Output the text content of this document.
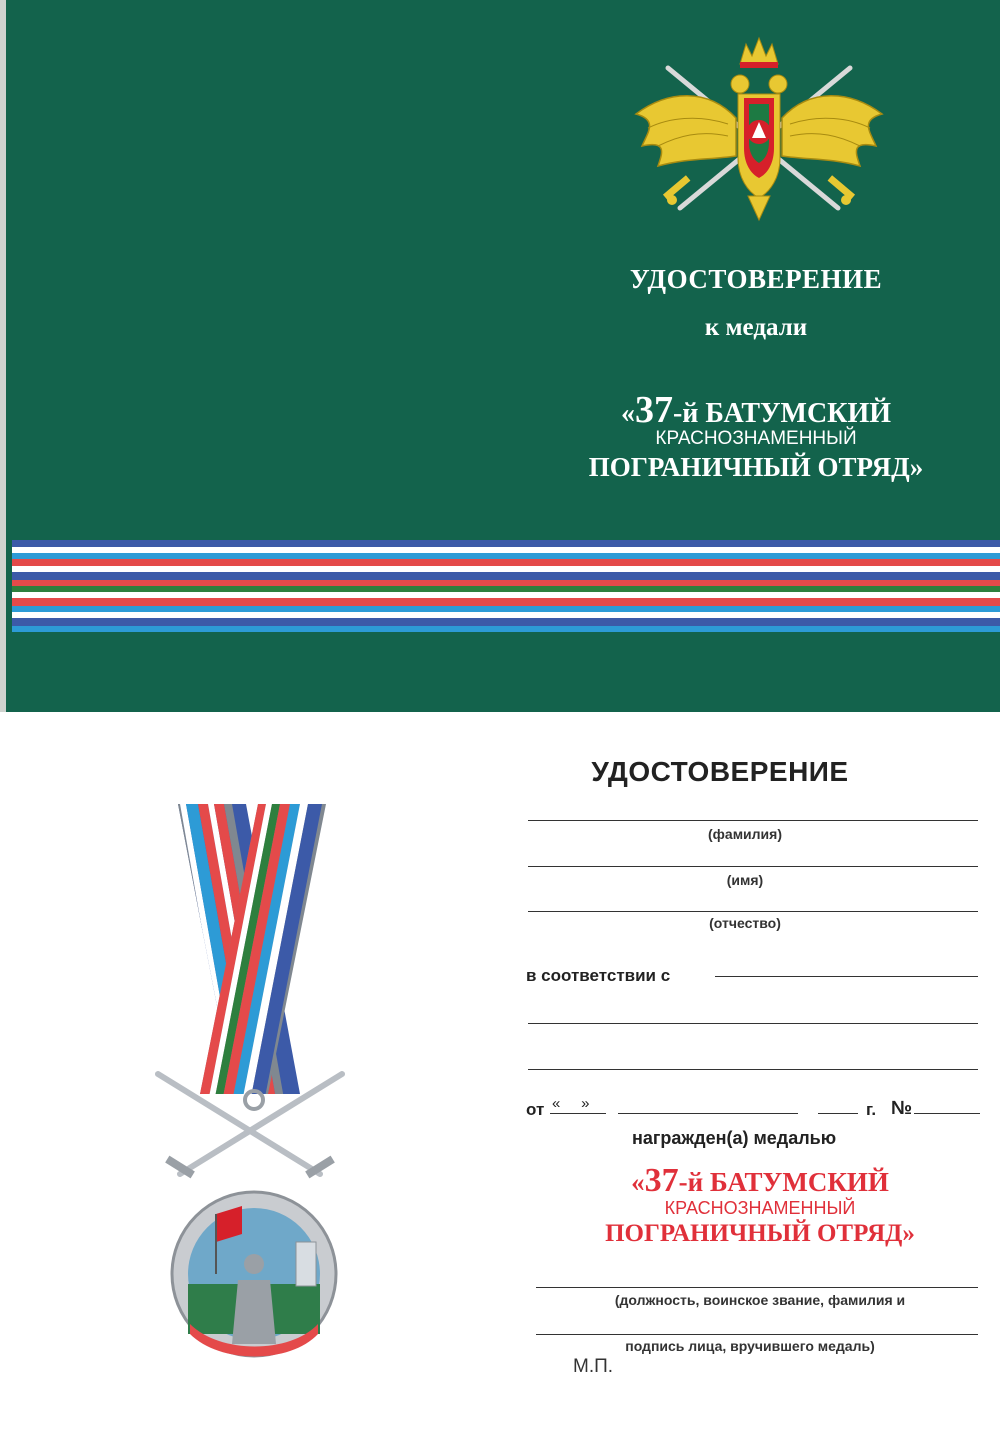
УДОСТОВЕРЕНИЕ
к медали
«37-й БАТУМСКИЙ
КРАСНОЗНАМЕННЫЙ
ПОГРАНИЧНЫЙ ОТРЯД»
УДОСТОВЕРЕНИЕ
(фамилия)
(имя)
(отчество)
в соответствии с
от «     »	г. №
награжден(а) медалью
«37-й БАТУМСКИЙ
КРАСНОЗНАМЕННЫЙ
ПОГРАНИЧНЫЙ ОТРЯД»
(должность, воинское звание, фамилия и
подпись лица, вручившего медаль)
М.П.
